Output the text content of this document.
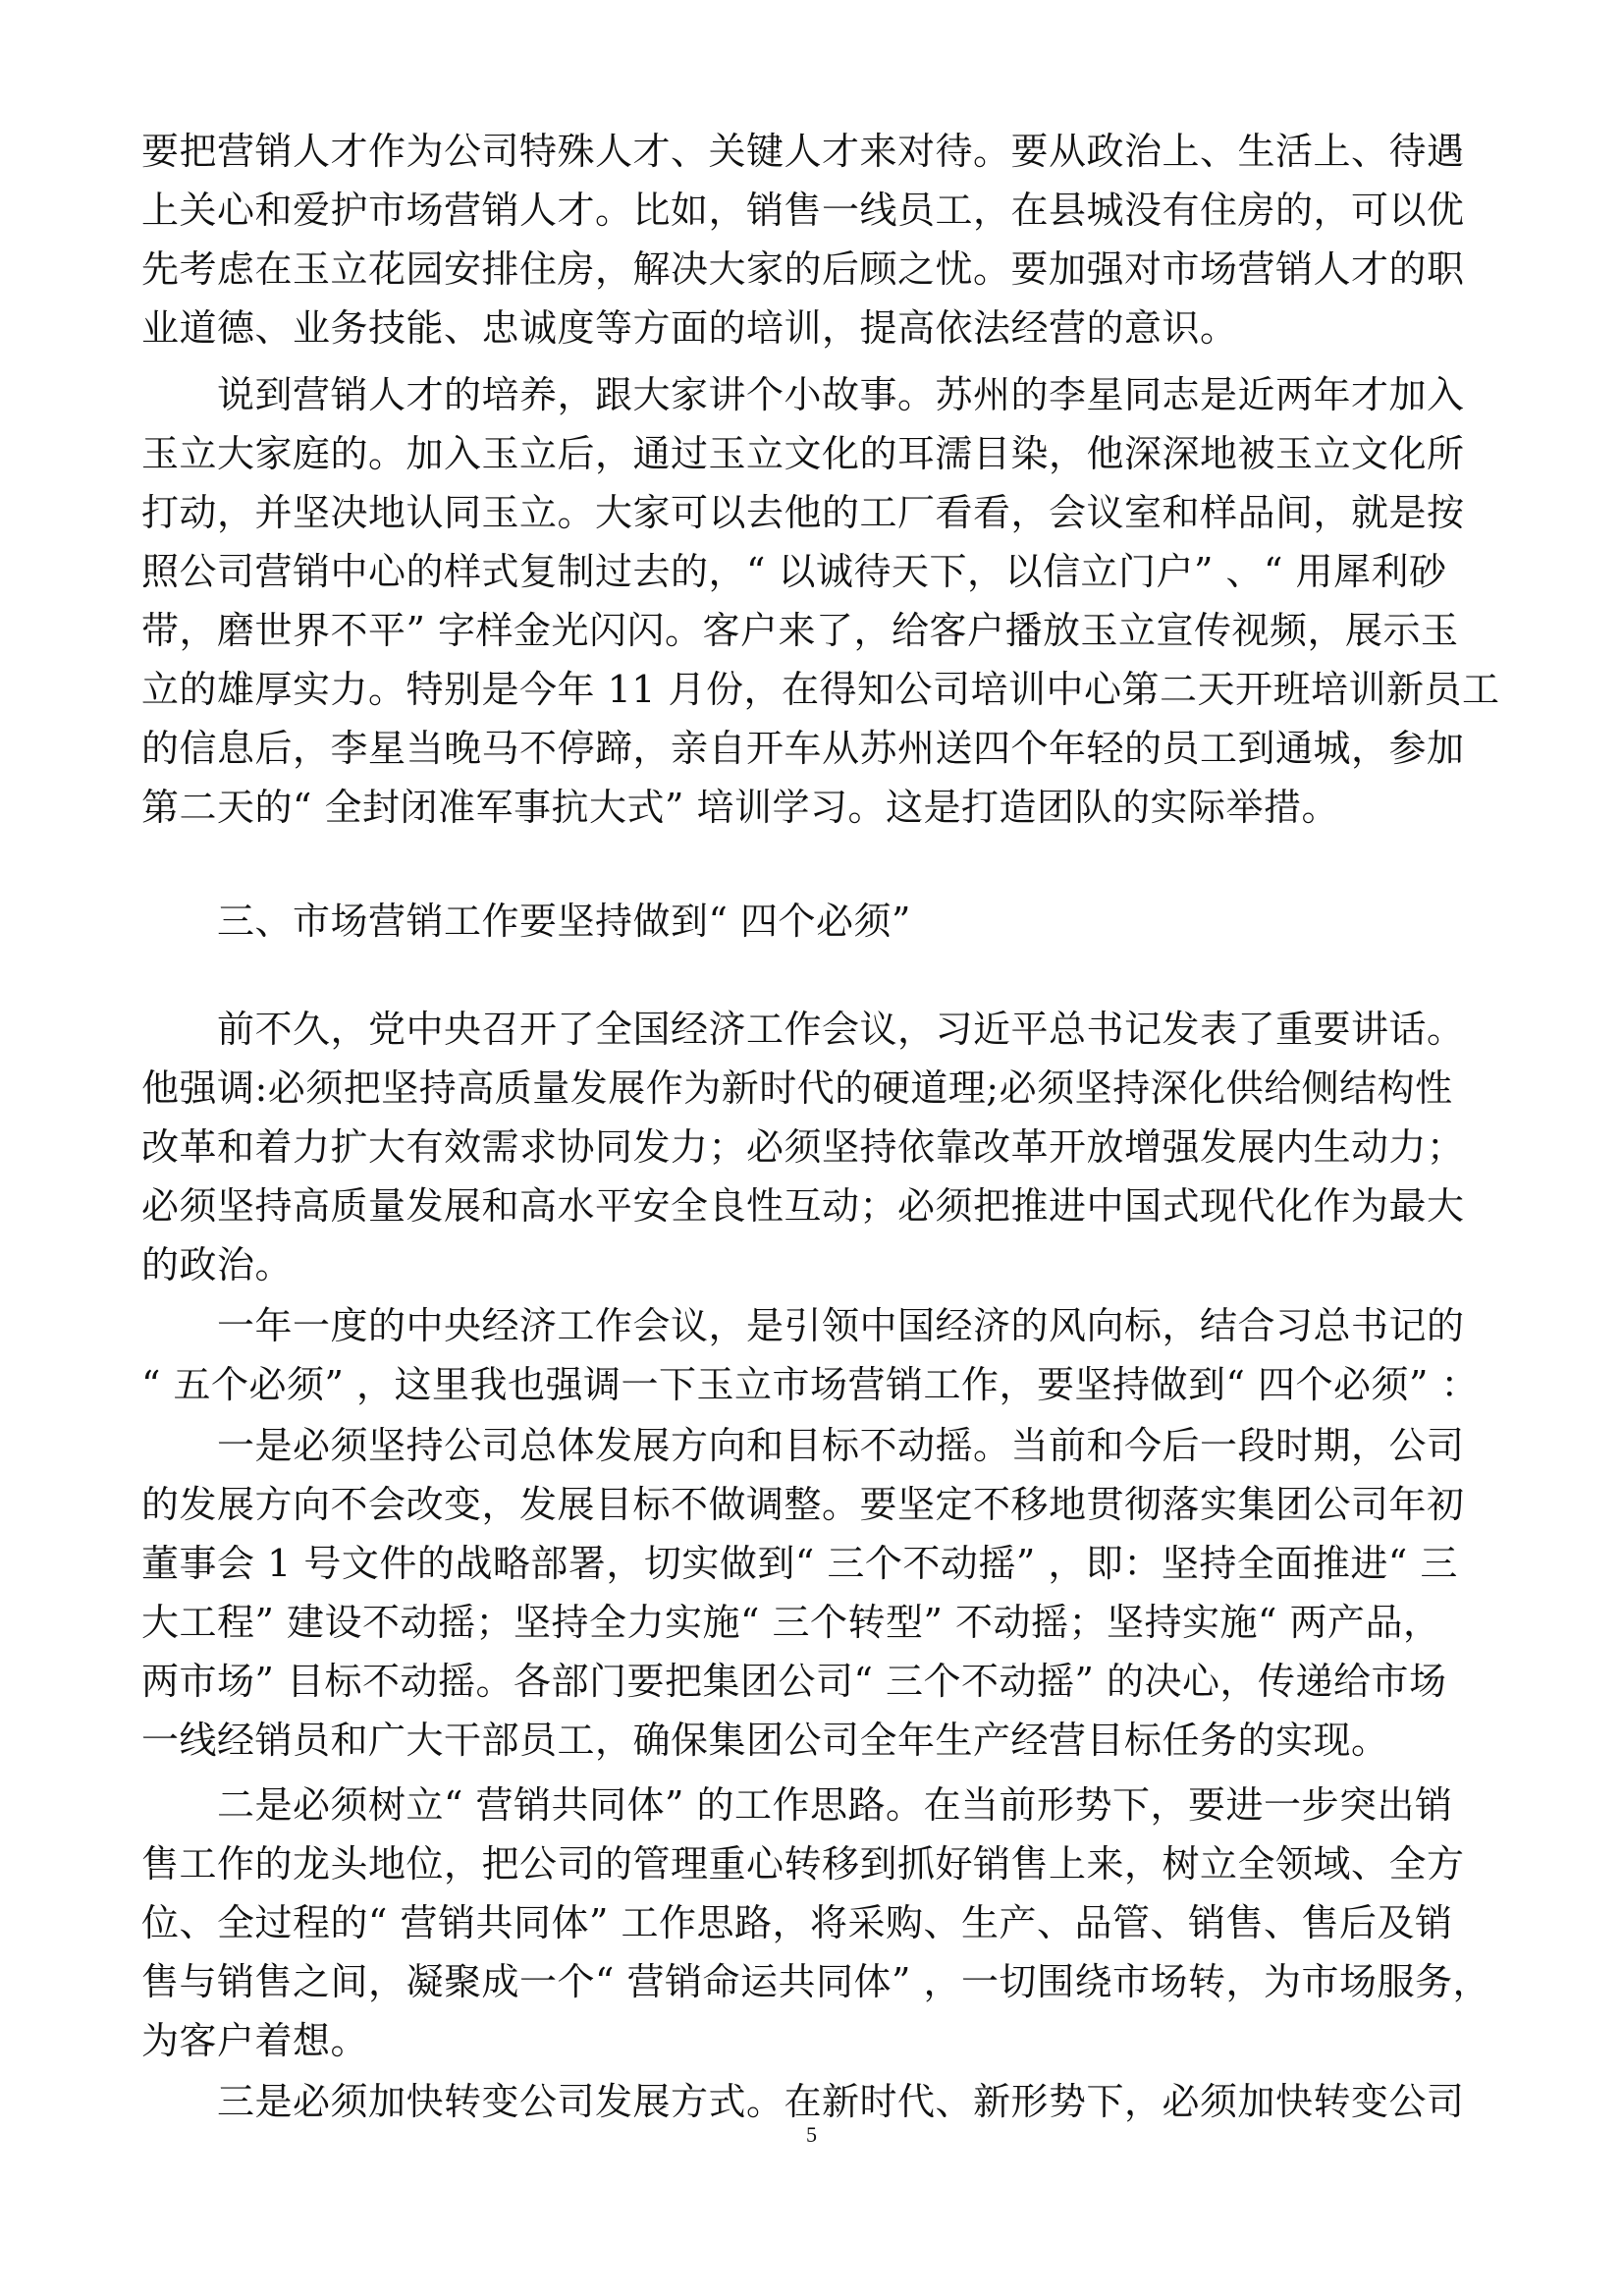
要把营销人才作为公司特殊人才、关键人才来对待。要从政治上、生活上、待遇
上关心和爱护市场营销人才。比如，销售一线员工，在县城没有住房的，可以优
先考虑在玉立花园安排住房，解决大家的后顾之忧。要加强对市场营销人才的职
业道德、业务技能、忠诚度等方面的培训，提高依法经营的意识。
　　说到营销人才的培养，跟大家讲个小故事。苏州的李星同志是近两年才加入
玉立大家庭的。加入玉立后，通过玉立文化的耳濡目染，他深深地被玉立文化所
打动，并坚决地认同玉立。大家可以去他的工厂看看，会议室和样品间，就是按
照公司营销中心的样式复制过去的，“ 以诚待天下，以信立门户” 、“ 用犀利砂
带，磨世界不平” 字样金光闪闪。客户来了，给客户播放玉立宣传视频，展示玉
立的雄厚实力。特别是今年 11 月份，在得知公司培训中心第二天开班培训新员工
的信息后，李星当晚马不停蹄，亲自开车从苏州送四个年轻的员工到通城，参加
第二天的“ 全封闭准军事抗大式” 培训学习。这是打造团队的实际举措。
　　三、市场营销工作要坚持做到“ 四个必须”
　　前不久，党中央召开了全国经济工作会议，习近平总书记发表了重要讲话。
他强调:必须把坚持高质量发展作为新时代的硬道理;必须坚持深化供给侧结构性
改革和着力扩大有效需求协同发力；必须坚持依靠改革开放增强发展内生动力；
必须坚持高质量发展和高水平安全良性互动；必须把推进中国式现代化作为最大
的政治。
　　一年一度的中央经济工作会议，是引领中国经济的风向标，结合习总书记的
“ 五个必须” ，这里我也强调一下玉立市场营销工作，要坚持做到“ 四个必须” ：
　　一是必须坚持公司总体发展方向和目标不动摇。当前和今后一段时期，公司
的发展方向不会改变，发展目标不做调整。要坚定不移地贯彻落实集团公司年初
董事会 1 号文件的战略部署，切实做到“ 三个不动摇” ，即：坚持全面推进“ 三
大工程” 建设不动摇；坚持全力实施“ 三个转型” 不动摇；坚持实施“ 两产品，
两市场” 目标不动摇。各部门要把集团公司“ 三个不动摇” 的决心，传递给市场
一线经销员和广大干部员工，确保集团公司全年生产经营目标任务的实现。
　　二是必须树立“ 营销共同体” 的工作思路。在当前形势下，要进一步突出销
售工作的龙头地位，把公司的管理重心转移到抓好销售上来，树立全领域、全方
位、全过程的“ 营销共同体” 工作思路，将采购、生产、品管、销售、售后及销
售与销售之间，凝聚成一个“ 营销命运共同体” ，一切围绕市场转，为市场服务，
为客户着想。
　　三是必须加快转变公司发展方式。在新时代、新形势下，必须加快转变公司
5
